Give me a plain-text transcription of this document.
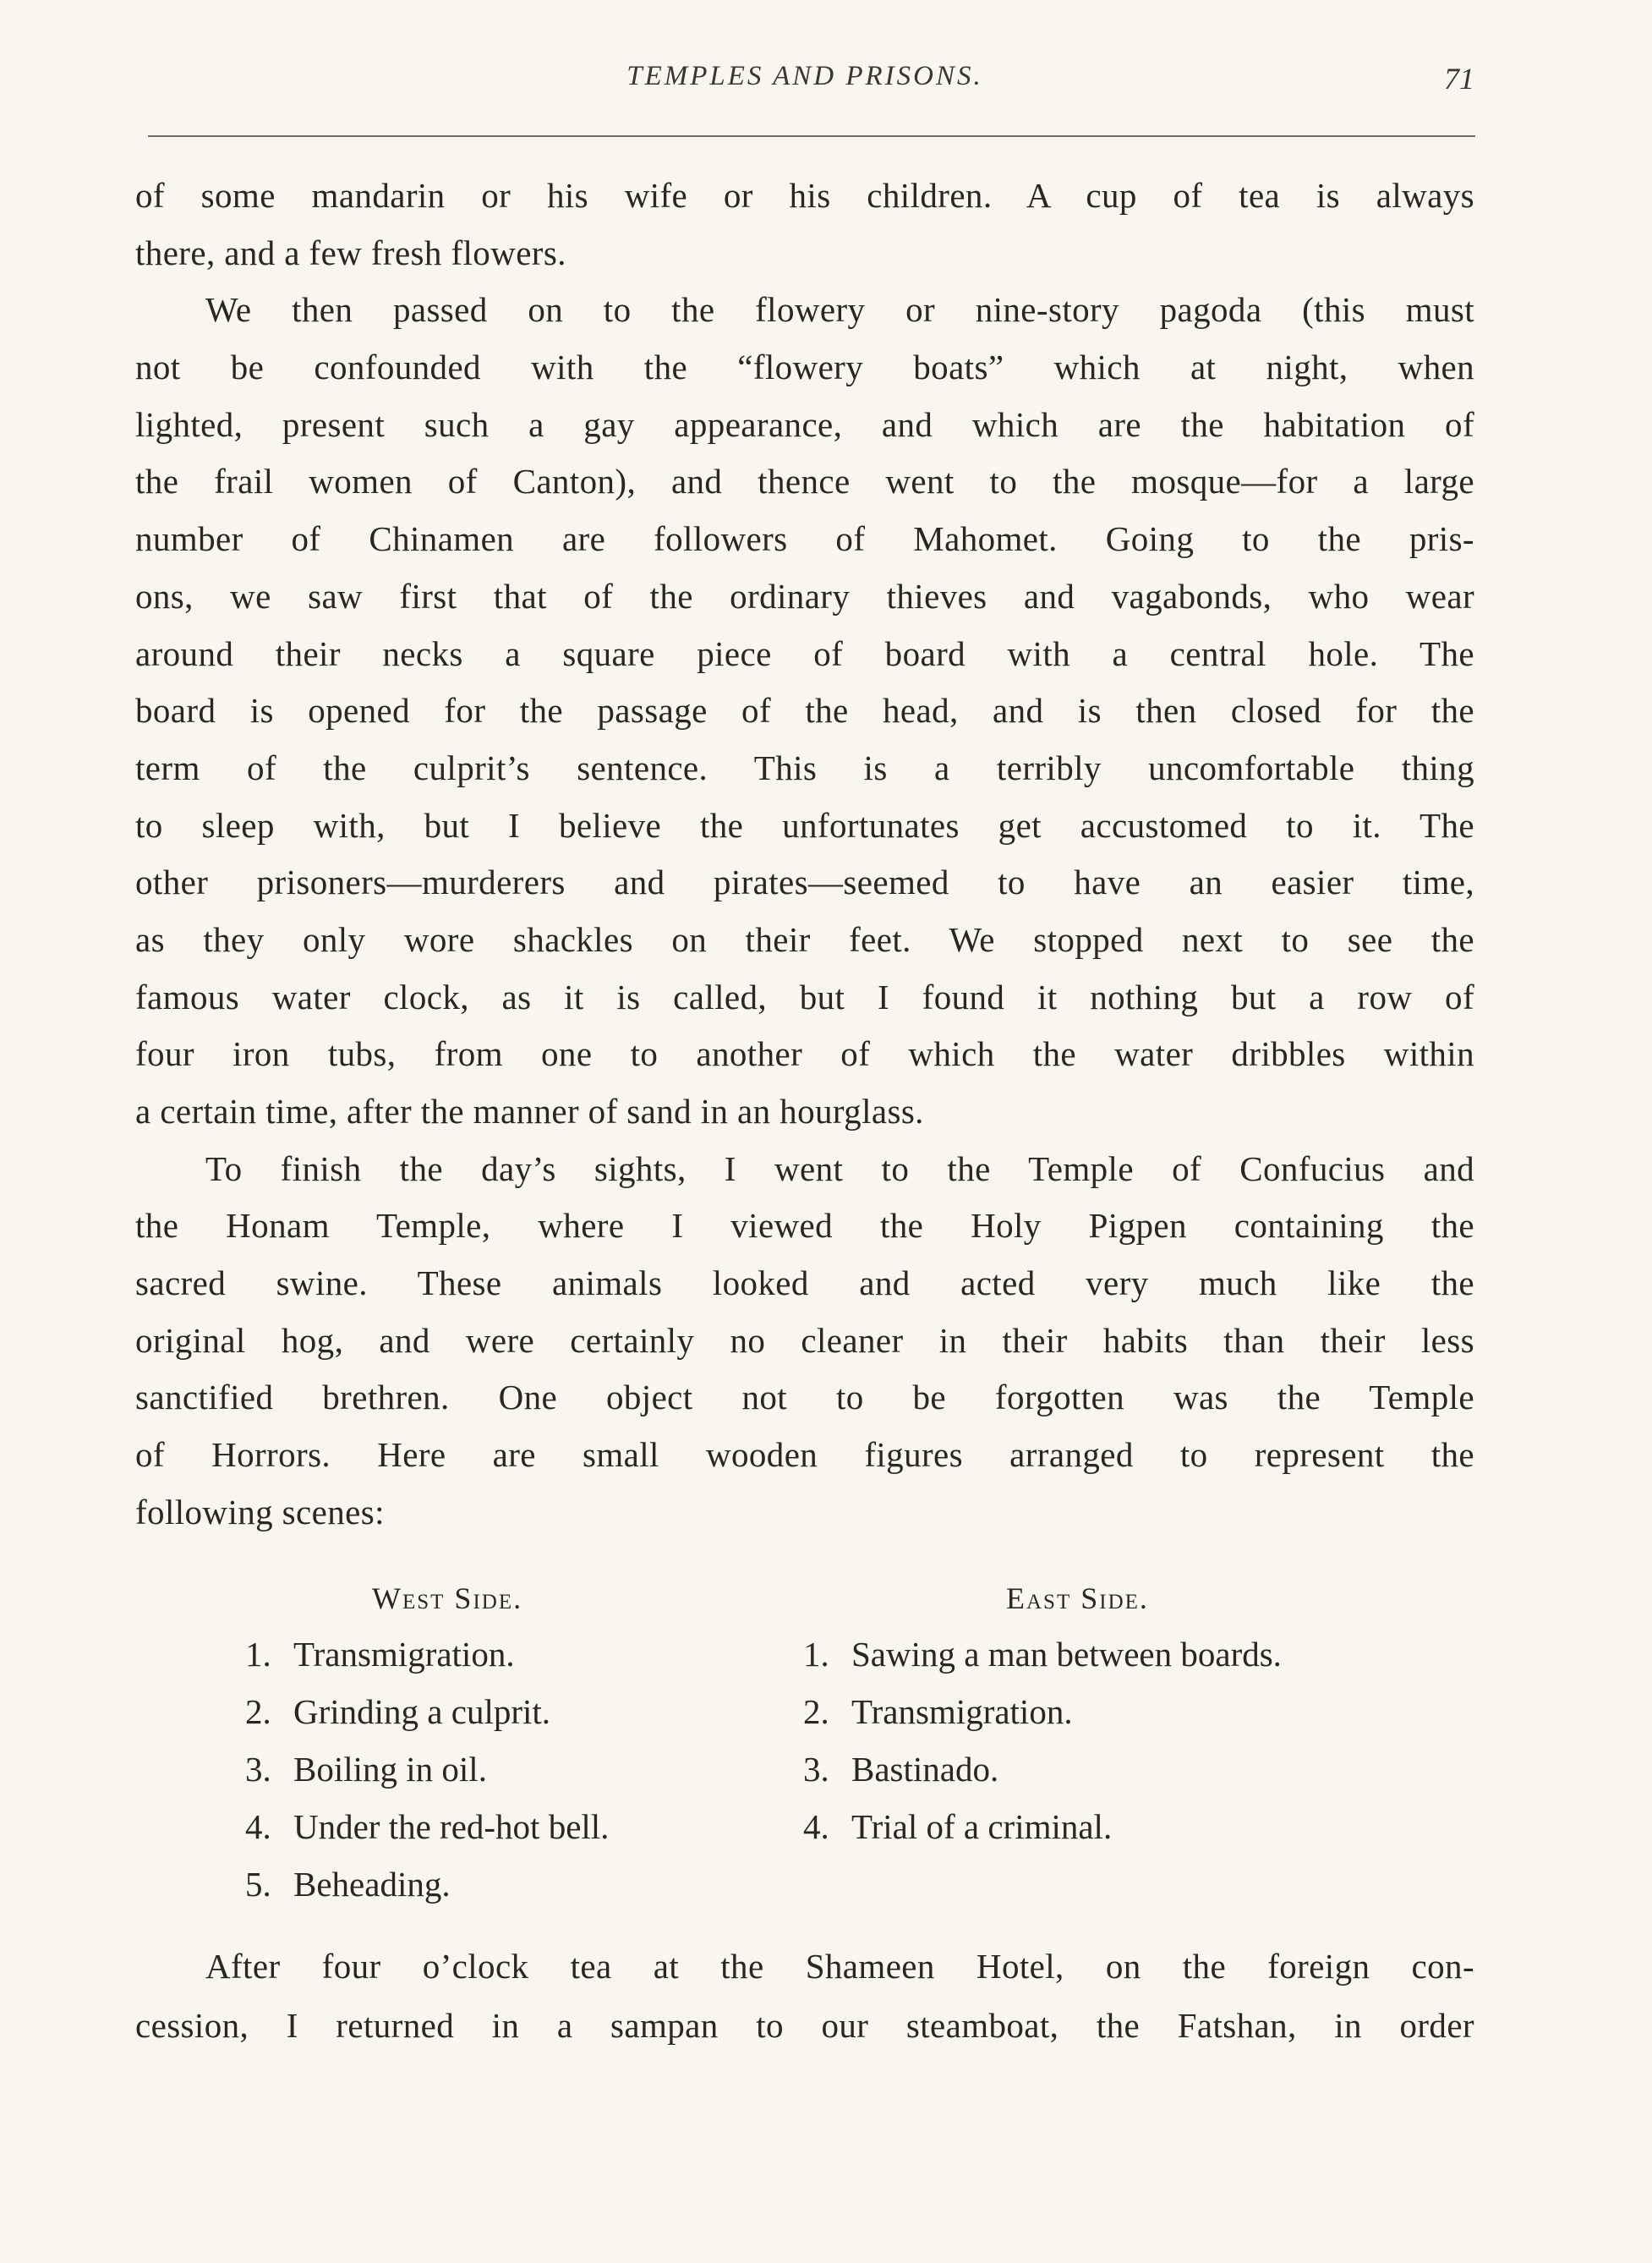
TEMPLES AND PRISONS.	71
of some mandarin or his wife or his children. A cup of tea is always
there, and a few fresh flowers.
We then passed on to the flowery or nine-story pagoda (this must
not be confounded with the “flowery boats” which at night, when
lighted, present such a gay appearance, and which are the habitation of
the frail women of Canton), and thence went to the mosque—for a large
number of Chinamen are followers of Mahomet. Going to the pris-
ons, we saw first that of the ordinary thieves and vagabonds, who wear
around their necks a square piece of board with a central hole. The
board is opened for the passage of the head, and is then closed for the
term of the culprit’s sentence. This is a terribly uncomfortable thing
to sleep with, but I believe the unfortunates get accustomed to it. The
other prisoners—murderers and pirates—seemed to have an easier time,
as they only wore shackles on their feet. We stopped next to see the
famous water clock, as it is called, but I found it nothing but a row of
four iron tubs, from one to another of which the water dribbles within
a certain time, after the manner of sand in an hourglass.
To finish the day’s sights, I went to the Temple of Confucius and
the Honam Temple, where I viewed the Holy Pigpen containing the
sacred swine. These animals looked and acted very much like the
original hog, and were certainly no cleaner in their habits than their less
sanctified brethren. One object not to be forgotten was the Temple
of Horrors. Here are small wooden figures arranged to represent the
following scenes:
West Side.
1. Transmigration.
2. Grinding a culprit.
3. Boiling in oil.
4. Under the red-hot bell.
5. Beheading.
East Side.
1. Sawing a man between boards.
2. Transmigration.
3. Bastinado.
4. Trial of a criminal.
After four o’clock tea at the Shameen Hotel, on the foreign con-
cession, I returned in a sampan to our steamboat, the Fatshan, in order
